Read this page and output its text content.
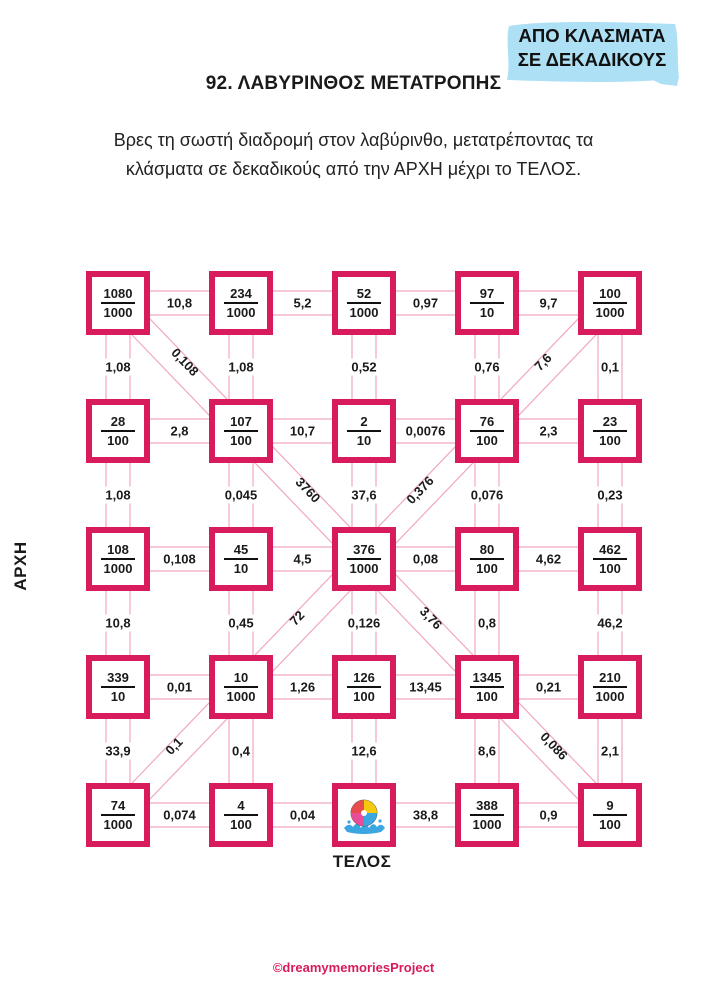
92. ΛΑΒΥΡΙΝΘΟΣ ΜΕΤΑΤΡΟΠΗΣ
ΑΠΟ ΚΛΑΣΜΑΤΑ
ΣΕ ΔΕΚΑΔΙΚΟΥΣ
Βρες τη σωστή διαδρομή στον λαβύρινθο, μετατρέποντας τα
κλάσματα σε δεκαδικούς από την ΑΡΧΗ μέχρι το ΤΕΛΟΣ.
10,8	5,2	0,97	9,7
2,8	10,7	0,0076	2,3
0,108	4,5	0,08	4,62
0,01	1,26	13,45	0,21
0,074	0,04	38,8	0,9
1,08	1,08	0,52	0,76	0,1
1,08	0,045	37,6	0,076	0,23
10,8	0,45	0,126	0,8	46,2
33,9	0,4	12,6	8,6	2,1
0,108	7,6
3760	0,376
72	3,76
0,1	0,086
1080
1000
234
1000
52
1000
97
10
100
1000
28
100
107
100
2
10
76
100
23
100
108
1000
45
10
376
1000
80
100
462
100
339
10
10
1000
126
100
1345
100
210
1000
74
1000
4
100
388
1000
9
100
ΑΡΧΗ
ΤΕΛΟΣ
©dreamymemoriesProject
